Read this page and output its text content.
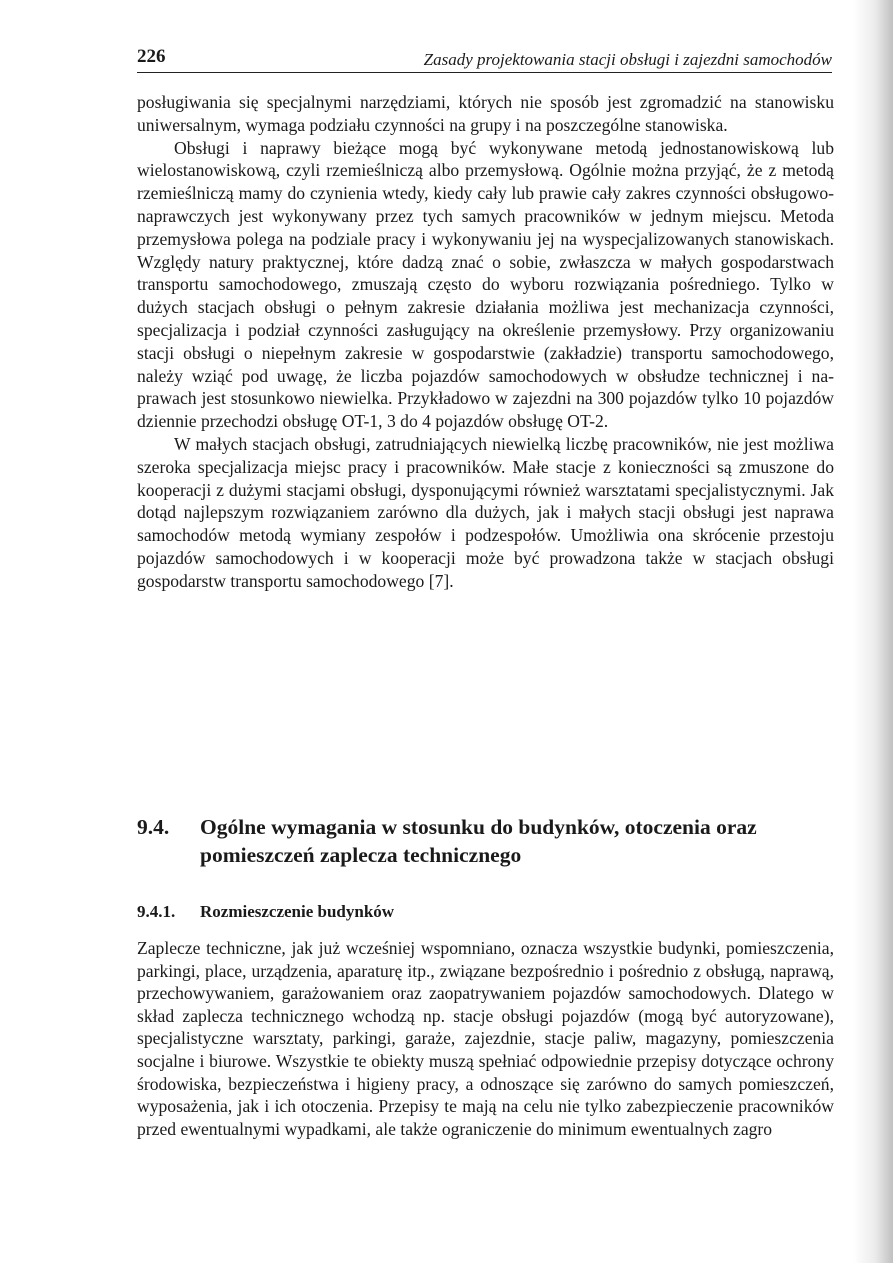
226	Zasady projektowania stacji obsługi i zajezdni samochodów

posługiwania się specjalnymi narzędziami, których nie sposób jest zgromadzić na stanowisku uniwersalnym, wymaga podziału czynności na grupy i na poszczególne stanowiska.

Obsługi i naprawy bieżące mogą być wykonywane metodą jednostanowiskową lub wielostanowiskową, czyli rzemieślniczą albo przemysłową. Ogólnie można przyjąć, że z metodą rzemieślniczą mamy do czynienia wtedy, kiedy cały lub prawie cały zakres czynności obsługowo-naprawczych jest wykonywany przez tych samych pracowników w jednym miejscu. Metoda przemysłowa polega na podziale pracy i wykonywaniu jej na wyspecjalizowanych stanowiskach. Względy natury praktycznej, które dadzą znać o sobie, zwłaszcza w małych gospodarstwach transportu samochodowego, zmuszają często do wyboru rozwiązania pośredniego. Tylko w dużych stacjach obsługi o pełnym zakresie działania możliwa jest mechanizacja czynności, specjalizacja i podział czynności zasługujący na określenie przemysłowy. Przy organizowaniu stacji obsługi o niepełnym zakresie w gospodarstwie (zakładzie) transportu samochodowego, należy wziąć pod uwagę, że liczba pojazdów samochodowych w obsłudze technicznej i naprawach jest stosunkowo niewielka. Przykładowo w zajezdni na 300 pojazdów tylko 10 pojazdów dziennie przechodzi obsługę OT-1, 3 do 4 pojazdów obsługę OT-2.

W małych stacjach obsługi, zatrudniających niewielką liczbę pracowników, nie jest możliwa szeroka specjalizacja miejsc pracy i pracowników. Małe stacje z konieczności są zmuszone do kooperacji z dużymi stacjami obsługi, dysponującymi również warsztatami specjalistycznymi. Jak dotąd najlepszym rozwiązaniem zarówno dla dużych, jak i małych stacji obsługi jest naprawa samochodów metodą wymiany zespołów i podzespołów. Umożliwia ona skrócenie przestoju pojazdów samochodowych i w kooperacji może być prowadzona także w stacjach obsługi gospodarstw transportu samochodowego [7].

9.4. Ogólne wymagania w stosunku do budynków, otoczenia oraz pomieszczeń zaplecza technicznego
9.4.1. Rozmieszczenie budynków

Zaplecze techniczne, jak już wcześniej wspomniano, oznacza wszystkie budynki, pomieszczenia, parkingi, place, urządzenia, aparaturę itp., związane bezpośrednio i pośrednio z obsługą, naprawą, przechowywaniem, garażowaniem oraz zaopatrywaniem pojazdów samochodowych. Dlatego w skład zaplecza technicznego wchodzą np. stacje obsługi pojazdów (mogą być autoryzowane), specjalistyczne warsztaty, parkingi, garaże, zajezdnie, stacje paliw, magazyny, pomieszczenia socjalne i biurowe. Wszystkie te obiekty muszą spełniać odpowiednie przepisy dotyczące ochrony środowiska, bezpieczeństwa i higieny pracy, a odnoszące się zarówno do samych pomieszczeń, wyposażenia, jak i ich otoczenia. Przepisy te mają na celu nie tylko zabezpieczenie pracowników przed ewentualnymi wypadkami, ale także ograniczenie do minimum ewentualnych zagro
